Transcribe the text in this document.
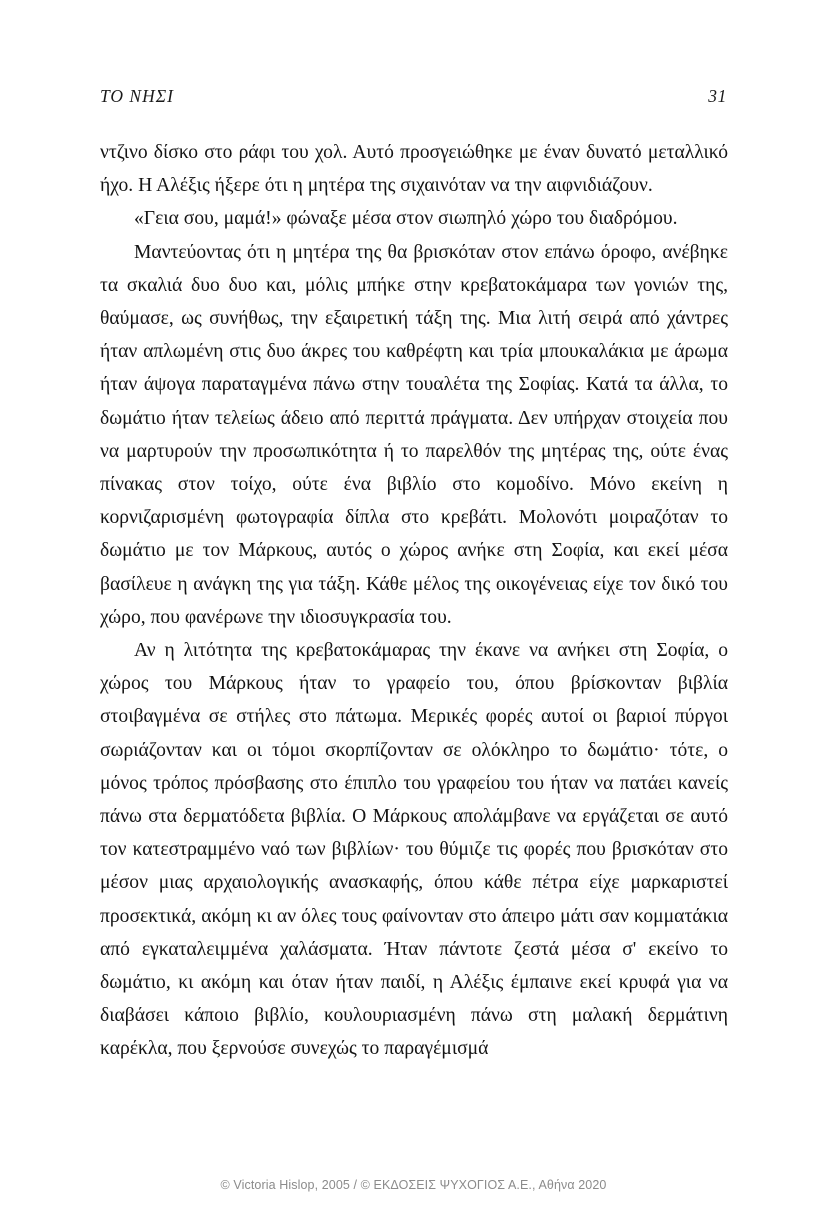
ΤΟ ΝΗΣΙ	31

ντζινο δίσκο στο ράφι του χολ. Αυτό προσγειώθηκε με έναν δυνατό μεταλλικό ήχο. Η Αλέξις ήξερε ότι η μητέρα της σιχαινόταν να την αιφνιδιάζουν.

«Γεια σου, μαμά!» φώναξε μέσα στον σιωπηλό χώρο του διαδρόμου.

Μαντεύοντας ότι η μητέρα της θα βρισκόταν στον επάνω όροφο, ανέβηκε τα σκαλιά δυο δυο και, μόλις μπήκε στην κρεβατοκάμαρα των γονιών της, θαύμασε, ως συνήθως, την εξαιρετική τάξη της. Μια λιτή σειρά από χάντρες ήταν απλωμένη στις δυο άκρες του καθρέφτη και τρία μπουκαλάκια με άρωμα ήταν άψογα παραταγμένα πάνω στην τουαλέτα της Σοφίας. Κατά τα άλλα, το δωμάτιο ήταν τελείως άδειο από περιττά πράγματα. Δεν υπήρχαν στοιχεία που να μαρτυρούν την προσωπικότητα ή το παρελθόν της μητέρας της, ούτε ένας πίνακας στον τοίχο, ούτε ένα βιβλίο στο κομοδίνο. Μόνο εκείνη η κορνιζαρισμένη φωτογραφία δίπλα στο κρεβάτι. Μολονότι μοιραζόταν το δωμάτιο με τον Μάρκους, αυτός ο χώρος ανήκε στη Σοφία, και εκεί μέσα βασίλευε η ανάγκη της για τάξη. Κάθε μέλος της οικογένειας είχε τον δικό του χώρο, που φανέρωνε την ιδιοσυγκρασία του.

Αν η λιτότητα της κρεβατοκάμαρας την έκανε να ανήκει στη Σοφία, ο χώρος του Μάρκους ήταν το γραφείο του, όπου βρίσκονταν βιβλία στοιβαγμένα σε στήλες στο πάτωμα. Μερικές φορές αυτοί οι βαριοί πύργοι σωριάζονταν και οι τόμοι σκορπίζονταν σε ολόκληρο το δωμάτιο· τότε, ο μόνος τρόπος πρόσβασης στο έπιπλο του γραφείου του ήταν να πατάει κανείς πάνω στα δερματόδετα βιβλία. Ο Μάρκους απολάμβανε να εργάζεται σε αυτό τον κατεστραμμένο ναό των βιβλίων· του θύμιζε τις φορές που βρισκόταν στο μέσον μιας αρχαιολογικής ανασκαφής, όπου κάθε πέτρα είχε μαρκαριστεί προσεκτικά, ακόμη κι αν όλες τους φαίνονταν στο άπειρο μάτι σαν κομματάκια από εγκαταλειμμένα χαλάσματα. Ήταν πάντοτε ζεστά μέσα σ' εκείνο το δωμάτιο, κι ακόμη και όταν ήταν παιδί, η Αλέξις έμπαινε εκεί κρυφά για να διαβάσει κάποιο βιβλίο, κουλουριασμένη πάνω στη μαλακή δερμάτινη καρέκλα, που ξερνούσε συνεχώς το παραγέμισμά

© Victoria Hislop, 2005 / © ΕΚΔΟΣΕΙΣ ΨΥΧΟΓΙΟΣ Α.Ε., Αθήνα 2020
